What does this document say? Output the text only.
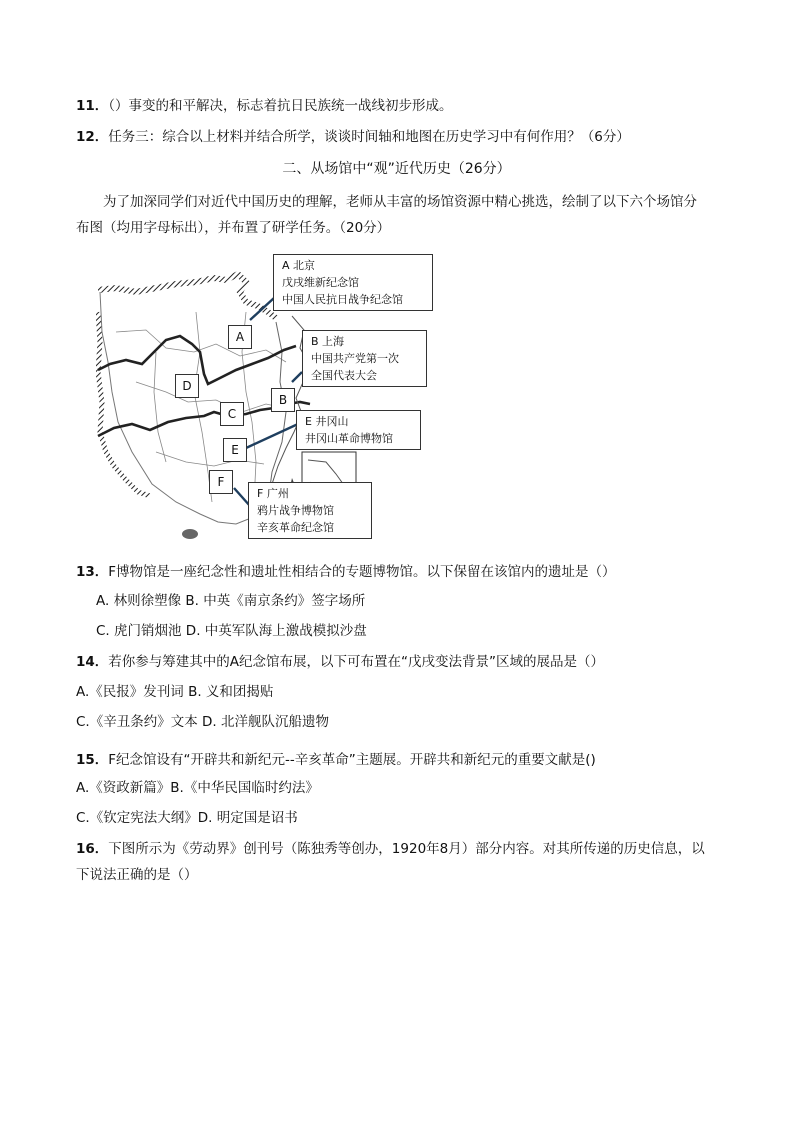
11．（）事变的和平解决，标志着抗日民族统一战线初步形成。
12．任务三：综合以上材料并结合所学，谈谈时间轴和地图在历史学习中有何作用？（6分）
二、从场馆中“观”近代历史（26分）
为了加深同学们对近代中国历史的理解，老师从丰富的场馆资源中精心挑选，绘制了以下六个场馆分
布图（均用字母标出），并布置了研学任务。（20分）
A
D
C
B
E
F
A 北京
戊戌维新纪念馆
中国人民抗日战争纪念馆
B 上海
中国共产党第一次
全国代表大会
E 井冈山
井冈山革命博物馆
F 广州
鸦片战争博物馆
辛亥革命纪念馆
13．F博物馆是一座纪念性和遗址性相结合的专题博物馆。以下保留在该馆内的遗址是（）
A. 林则徐塑像 B. 中英《南京条约》签字场所
C. 虎门销烟池 D. 中英军队海上激战模拟沙盘
14．若你参与筹建其中的A纪念馆布展，以下可布置在“戊戌变法背景”区域的展品是（）
A.《民报》发刊词 B. 义和团揭贴
C.《辛丑条约》文本 D. 北洋舰队沉船遗物
15．F纪念馆设有“开辟共和新纪元--辛亥革命”主题展。开辟共和新纪元的重要文献是()
A.《资政新篇》B.《中华民国临时约法》
C.《钦定宪法大纲》D. 明定国是诏书
16．下图所示为《劳动界》创刊号（陈独秀等创办，1920年8月）部分内容。对其所传递的历史信息，以
下说法正确的是（）
